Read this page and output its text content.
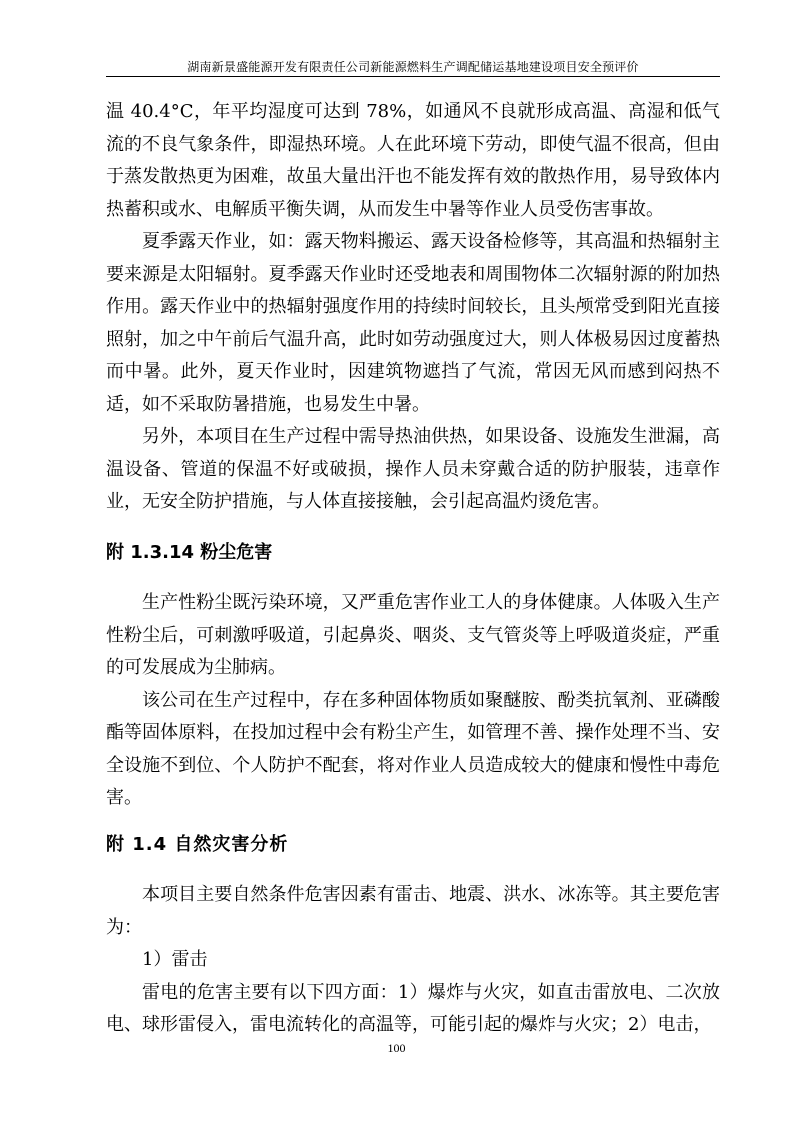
湖南新景盛能源开发有限责任公司新能源燃料生产调配储运基地建设项目安全预评价

温 40.4°C，年平均湿度可达到 78%，如通风不良就形成高温、高湿和低气流的不良气象条件，即湿热环境。人在此环境下劳动，即使气温不很高，但由于蒸发散热更为困难，故虽大量出汗也不能发挥有效的散热作用，易导致体内热蓄积或水、电解质平衡失调，从而发生中暑等作业人员受伤害事故。

夏季露天作业，如：露天物料搬运、露天设备检修等，其高温和热辐射主要来源是太阳辐射。夏季露天作业时还受地表和周围物体二次辐射源的附加热作用。露天作业中的热辐射强度作用的持续时间较长，且头颅常受到阳光直接照射，加之中午前后气温升高，此时如劳动强度过大，则人体极易因过度蓄热而中暑。此外，夏天作业时，因建筑物遮挡了气流，常因无风而感到闷热不适，如不采取防暑措施，也易发生中暑。

另外，本项目在生产过程中需导热油供热，如果设备、设施发生泄漏，高温设备、管道的保温不好或破损，操作人员未穿戴合适的防护服装，违章作业，无安全防护措施，与人体直接接触，会引起高温灼烫危害。

附 1.3.14 粉尘危害

生产性粉尘既污染环境，又严重危害作业工人的身体健康。人体吸入生产性粉尘后，可刺激呼吸道，引起鼻炎、咽炎、支气管炎等上呼吸道炎症，严重的可发展成为尘肺病。

该公司在生产过程中，存在多种固体物质如聚醚胺、酚类抗氧剂、亚磷酸酯等固体原料，在投加过程中会有粉尘产生，如管理不善、操作处理不当、安全设施不到位、个人防护不配套，将对作业人员造成较大的健康和慢性中毒危害。

附 1.4 自然灾害分析

本项目主要自然条件危害因素有雷击、地震、洪水、冰冻等。其主要危害为：

1）雷击

雷电的危害主要有以下四方面：1）爆炸与火灾，如直击雷放电、二次放电、球形雷侵入，雷电流转化的高温等，可能引起的爆炸与火灾；2）电击，

100
